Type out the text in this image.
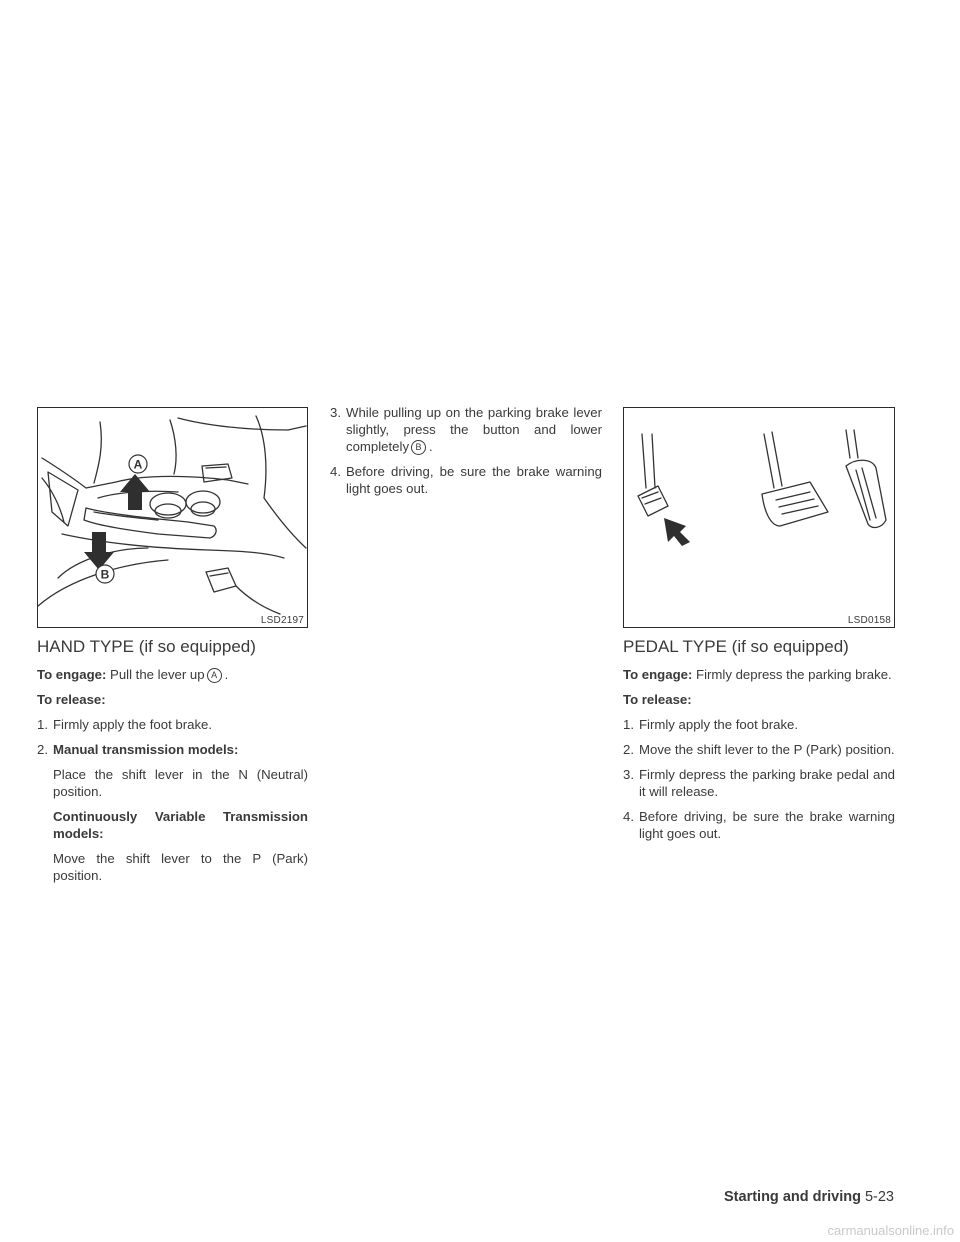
A
B
LSD2197	LSD0158
HAND TYPE (if so equipped)

To engage: Pull the lever up A .

To release:

1. Firmly apply the foot brake.

2. Manual transmission models:

Place the shift lever in the N (Neutral) position.

Continuously Variable Transmission models:

Move the shift lever to the P (Park) position.

3. While pulling up on the parking brake lever slightly, press the button and lower completely B .

4. Before driving, be sure the brake warning light goes out.

PEDAL TYPE (if so equipped)

To engage: Firmly depress the parking brake.

To release:

1. Firmly apply the foot brake.

2. Move the shift lever to the P (Park) position.

3. Firmly depress the parking brake pedal and it will release.

4. Before driving, be sure the brake warning light goes out.

Starting and driving 5-23
carmanualsonline.info
